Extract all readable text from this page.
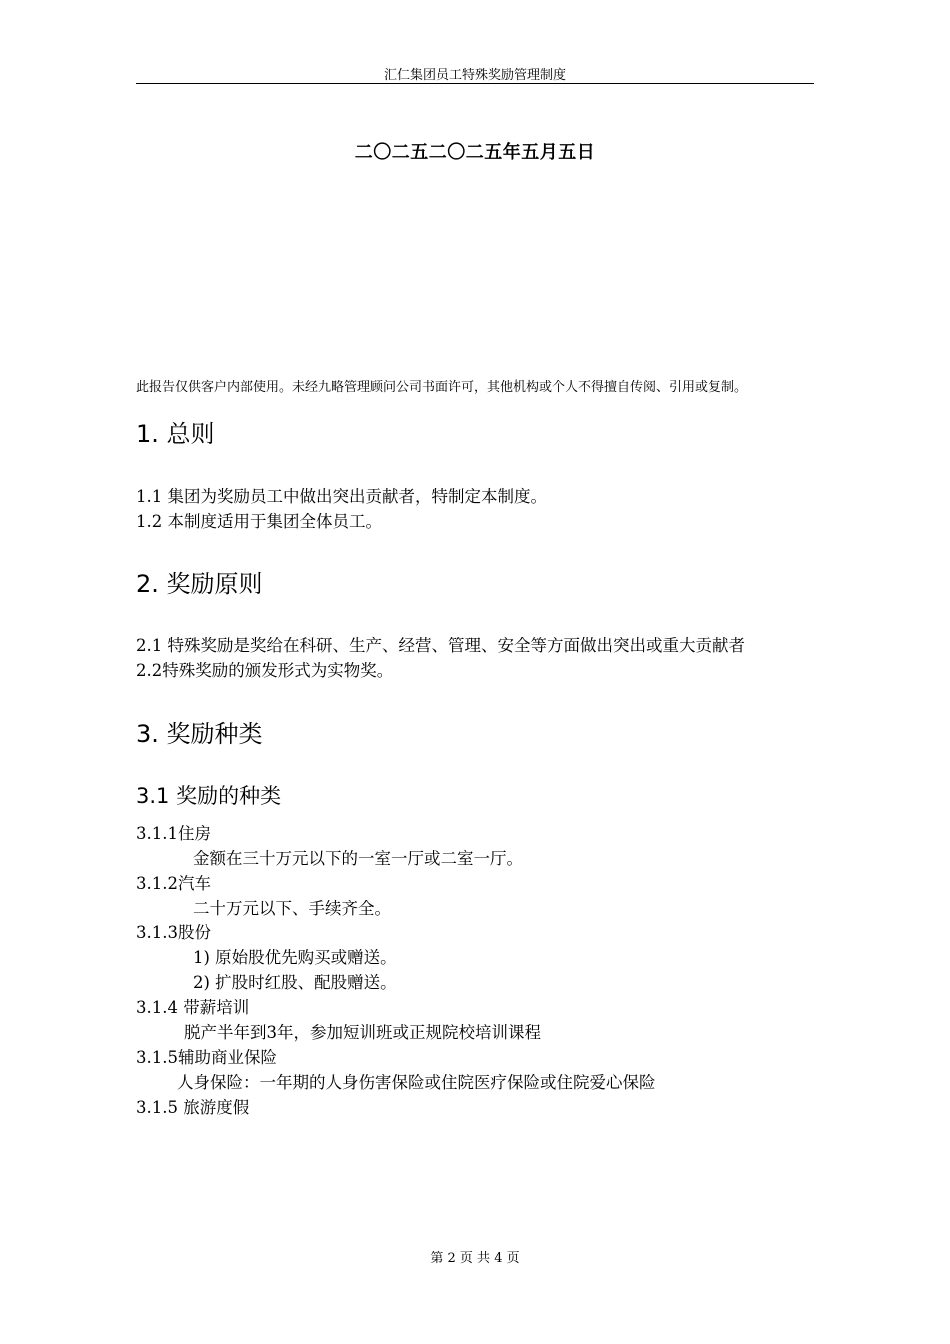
汇仁集团员工特殊奖励管理制度
二〇二五二〇二五年五月五日
此报告仅供客户内部使用。未经九略管理顾问公司书面许可，其他机构或个人不得擅自传阅、引用或复制。
1. 总则
1.1 集团为奖励员工中做出突出贡献者，特制定本制度。
1.2 本制度适用于集团全体员工。
2. 奖励原则
2.1 特殊奖励是奖给在科研、生产、经营、管理、安全等方面做出突出或重大贡献者
2.2特殊奖励的颁发形式为实物奖。
3. 奖励种类
3.1 奖励的种类
3.1.1住房
金额在三十万元以下的一室一厅或二室一厅。
3.1.2汽车
二十万元以下、手续齐全。
3.1.3股份
1) 原始股优先购买或赠送。
2) 扩股时红股、配股赠送。
3.1.4 带薪培训
脱产半年到3年，参加短训班或正规院校培训课程
3.1.5辅助商业保险
人身保险：一年期的人身伤害保险或住院医疗保险或住院爱心保险
3.1.5 旅游度假
第 2 页 共 4 页
